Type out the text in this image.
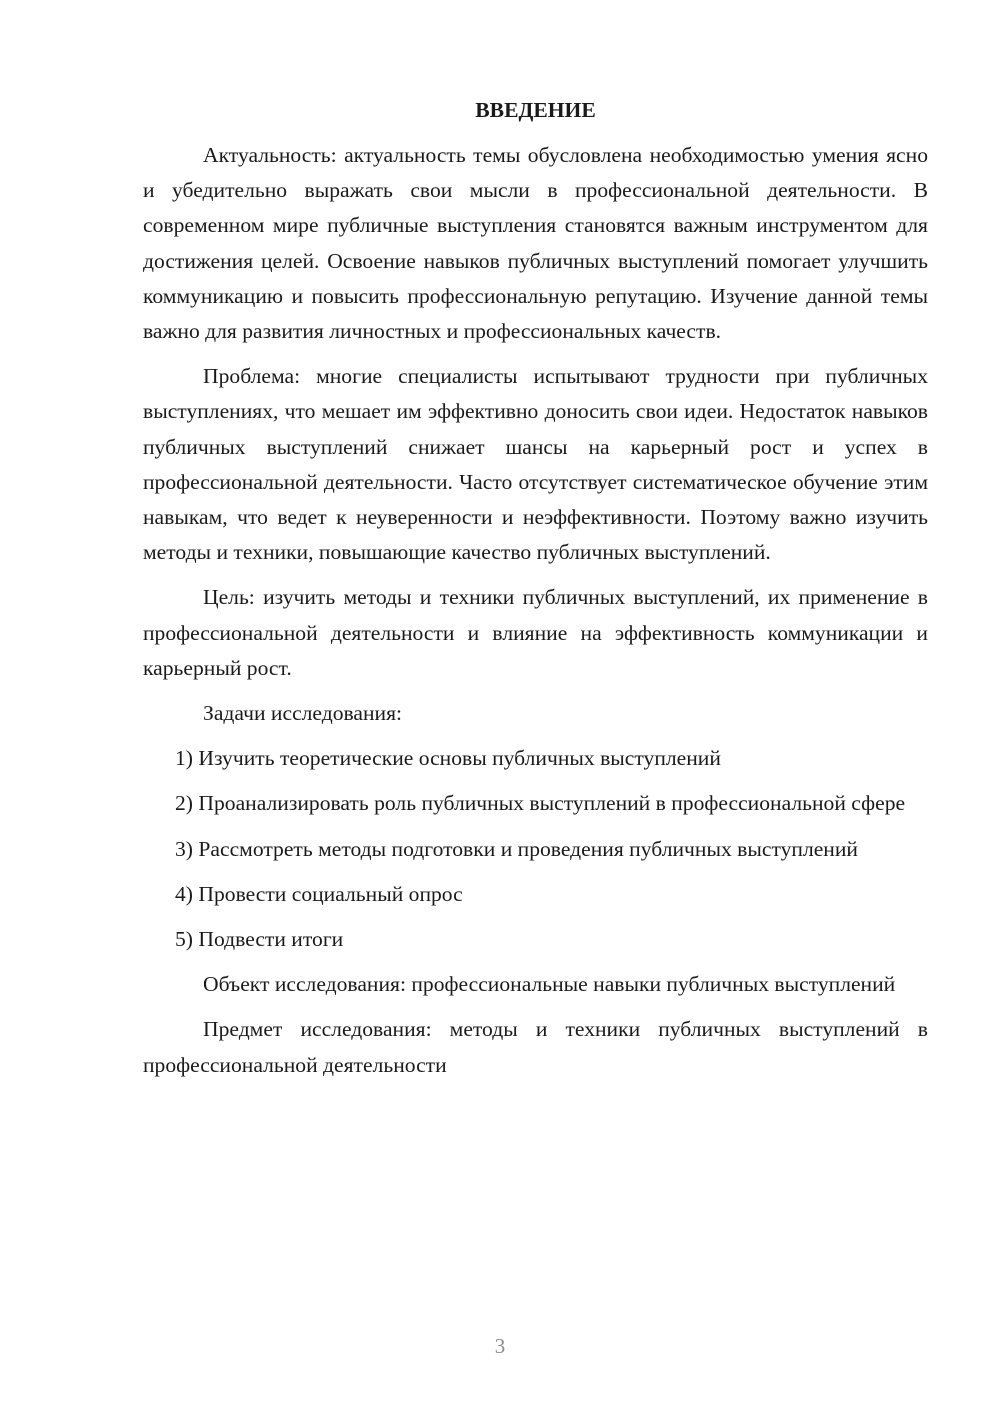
ВВЕДЕНИЕ

Актуальность: актуальность темы обусловлена необходимостью умения ясно и убедительно выражать свои мысли в профессиональной деятельности. В современном мире публичные выступления становятся важным инструментом для достижения целей. Освоение навыков публичных выступлений помогает улучшить коммуникацию и повысить профессиональную репутацию. Изучение данной темы важно для развития личностных и профессиональных качеств.

Проблема: многие специалисты испытывают трудности при публичных выступлениях, что мешает им эффективно доносить свои идеи. Недостаток навыков публичных выступлений снижает шансы на карьерный рост и успех в профессиональной деятельности. Часто отсутствует систематическое обучение этим навыкам, что ведет к неуверенности и неэффективности. Поэтому важно изучить методы и техники, повышающие качество публичных выступлений.

Цель: изучить методы и техники публичных выступлений, их применение в профессиональной деятельности и влияние на эффективность коммуникации и карьерный рост.

Задачи исследования:

1) Изучить теоретические основы публичных выступлений

2) Проанализировать роль публичных выступлений в профессиональной сфере

3) Рассмотреть методы подготовки и проведения публичных выступлений

4) Провести социальный опрос

5) Подвести итоги

Объект исследования: профессиональные навыки публичных выступлений

Предмет исследования: методы и техники публичных выступлений в профессиональной деятельности

3
